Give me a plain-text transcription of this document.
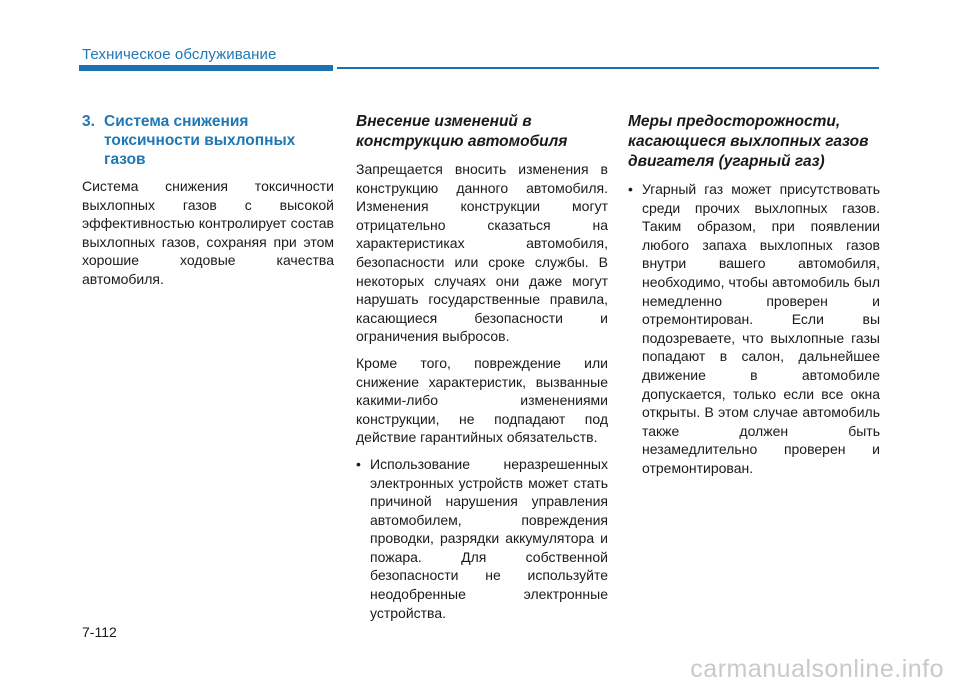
Техническое обслуживание
3. Система снижения токсичности выхлопных газов

Система снижения токсичности выхлопных газов с высокой эффективностью контролирует состав выхлопных газов, сохраняя при этом хорошие ходовые качества автомобиля.

Внесение изменений в конструкцию автомобиля

Запрещается вносить изменения в конструкцию данного автомобиля. Изменения конструкции могут отрицательно сказаться на характеристиках автомобиля, безопасности или сроке службы. В некоторых случаях они даже могут нарушать государственные правила, касающиеся безопасности и ограничения выбросов.

Кроме того, повреждение или снижение характеристик, вызванные какими-либо изменениями конструкции, не подпадают под действие гарантийных обязательств.

• Использование неразрешенных электронных устройств может стать причиной нарушения управления автомобилем, повреждения проводки, разрядки аккумулятора и пожара. Для собственной безопасности не используйте неодобренные электронные устройства.
Меры предосторожности, касающиеся выхлопных газов двигателя (угарный газ)
• Угарный газ может присутствовать среди прочих выхлопных газов. Таким образом, при появлении любого запаха выхлопных газов внутри вашего автомобиля, необходимо, чтобы автомобиль был немедленно проверен и отремонтирован. Если вы подозреваете, что выхлопные газы попадают в салон, дальнейшее движение в автомобиле допускается, только если все окна открыты. В этом случае автомобиль также должен быть незамедлительно проверен и отремонтирован.
7-112
carmanualsonline.info
